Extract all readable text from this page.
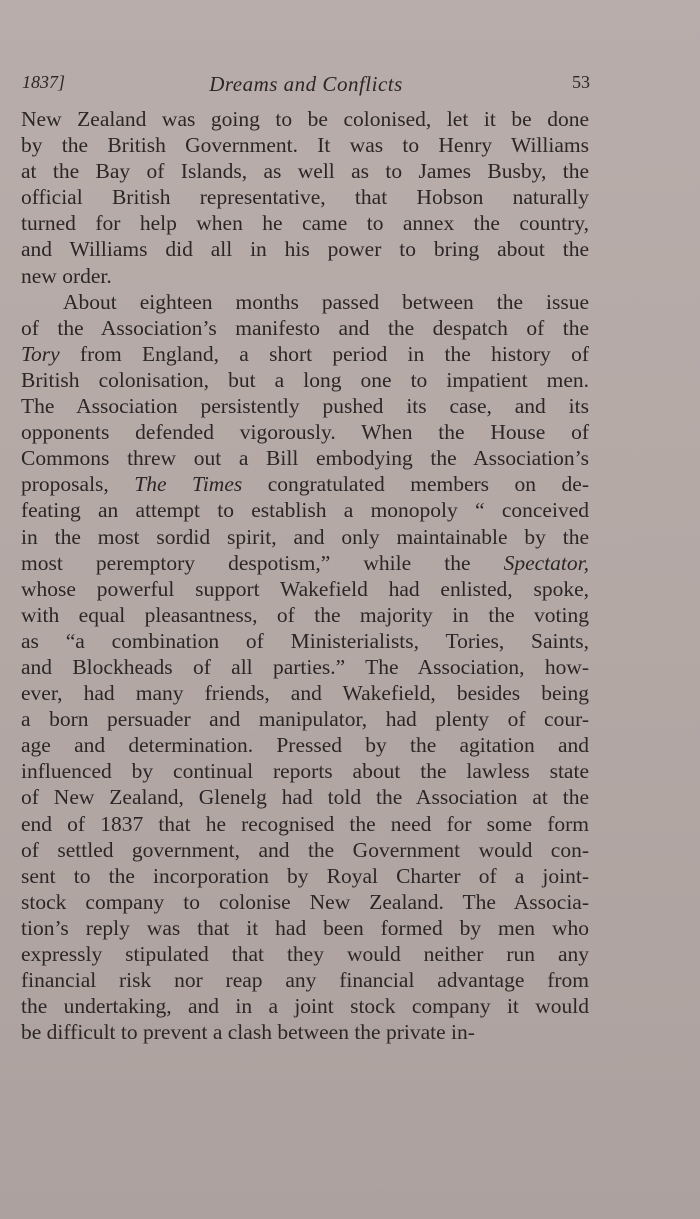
1837]	Dreams and Conflicts	53
New Zealand was going to be colonised, let it be done
by the British Government. It was to Henry Williams
at the Bay of Islands, as well as to James Busby, the
official British representative, that Hobson naturally
turned for help when he came to annex the country,
and Williams did all in his power to bring about the
new order.
About eighteen months passed between the issue
of the Association’s manifesto and the despatch of the
Tory from England, a short period in the history of
British colonisation, but a long one to impatient men.
The Association persistently pushed its case, and its
opponents defended vigorously. When the House of
Commons threw out a Bill embodying the Association’s
proposals, The Times congratulated members on de-
feating an attempt to establish a monopoly “ conceived
in the most sordid spirit, and only maintainable by the
most peremptory despotism,” while the Spectator,
whose powerful support Wakefield had enlisted, spoke,
with equal pleasantness, of the majority in the voting
as “a combination of Ministerialists, Tories, Saints,
and Blockheads of all parties.” The Association, how-
ever, had many friends, and Wakefield, besides being
a born persuader and manipulator, had plenty of cour-
age and determination. Pressed by the agitation and
influenced by continual reports about the lawless state
of New Zealand, Glenelg had told the Association at the
end of 1837 that he recognised the need for some form
of settled government, and the Government would con-
sent to the incorporation by Royal Charter of a joint-
stock company to colonise New Zealand. The Associa-
tion’s reply was that it had been formed by men who
expressly stipulated that they would neither run any
financial risk nor reap any financial advantage from
the undertaking, and in a joint stock company it would
be difficult to prevent a clash between the private in-
